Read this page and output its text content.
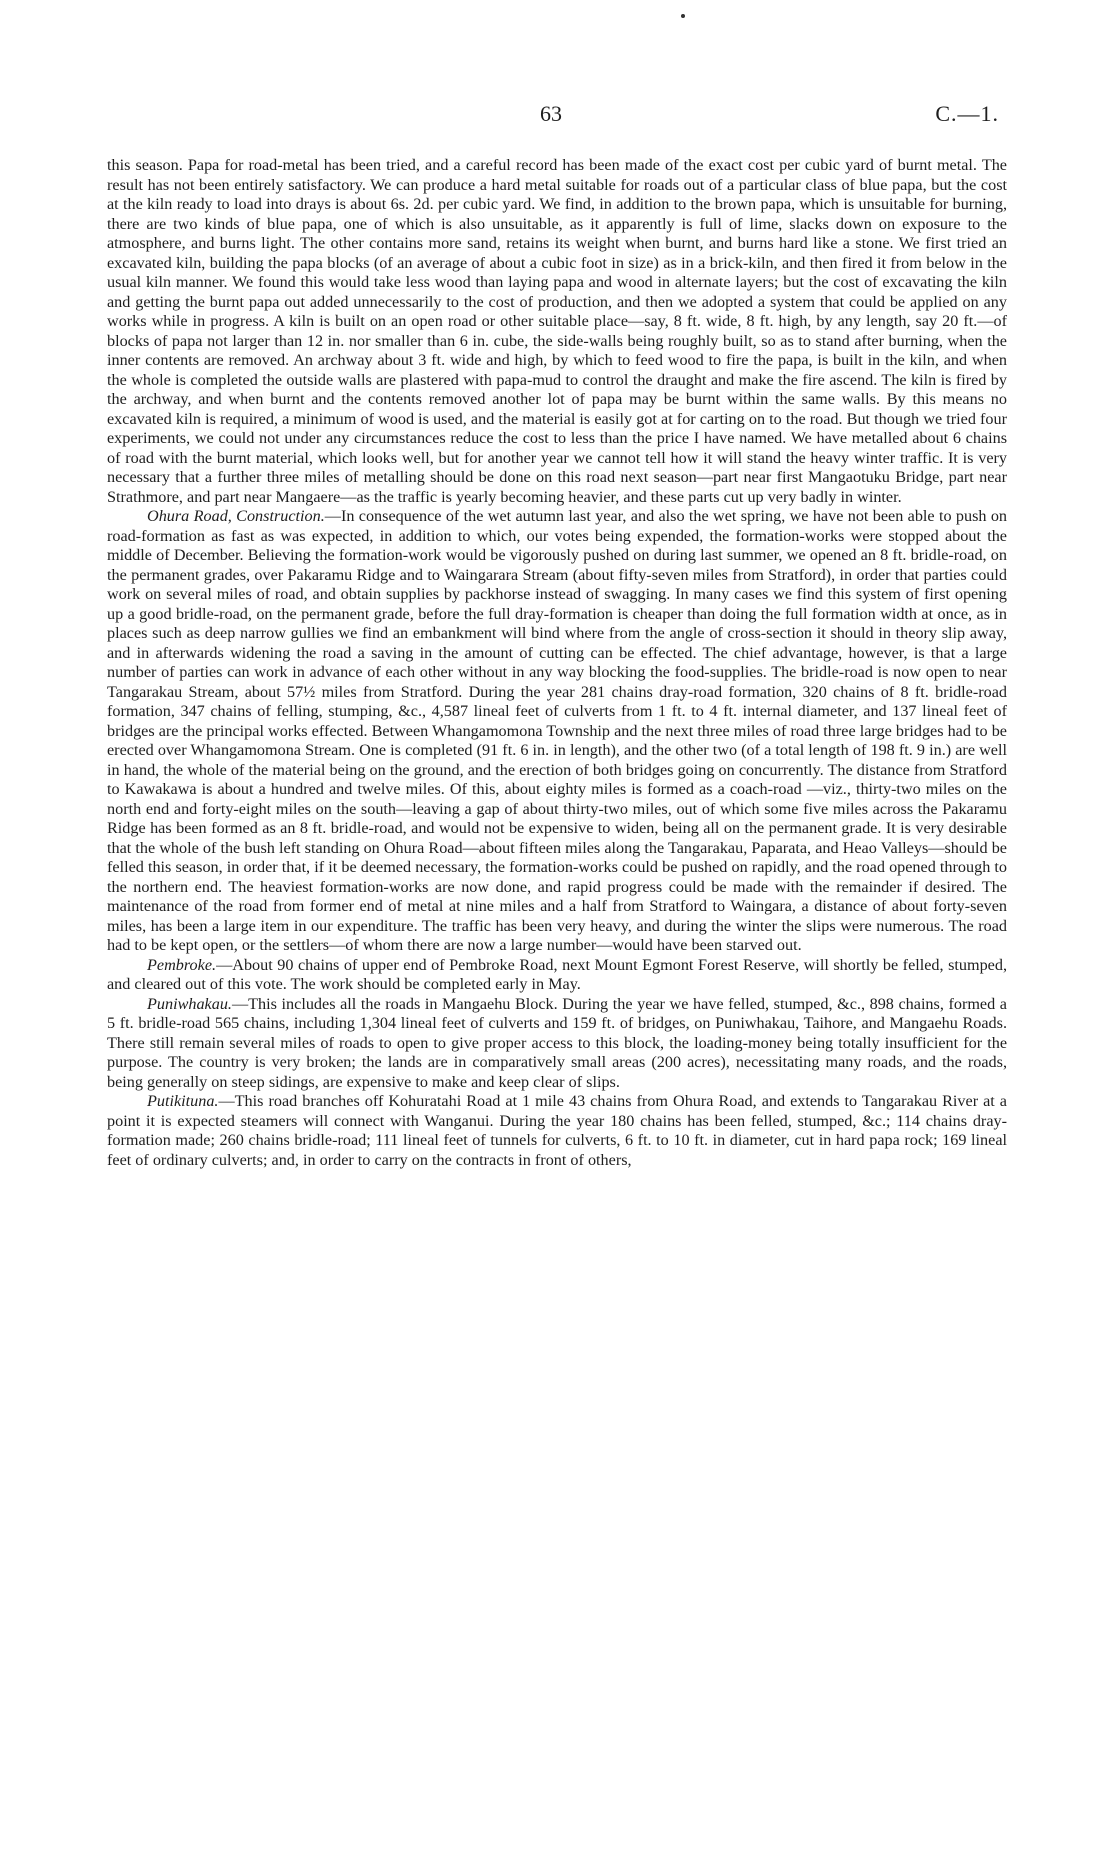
63	C.—1.

this season. Papa for road-metal has been tried, and a careful record has been made of the exact cost per cubic yard of burnt metal. The result has not been entirely satisfactory. We can produce a hard metal suitable for roads out of a particular class of blue papa, but the cost at the kiln ready to load into drays is about 6s. 2d. per cubic yard. We find, in addition to the brown papa, which is unsuitable for burning, there are two kinds of blue papa, one of which is also unsuitable, as it apparently is full of lime, slacks down on exposure to the atmosphere, and burns light. The other contains more sand, retains its weight when burnt, and burns hard like a stone. We first tried an excavated kiln, building the papa blocks (of an average of about a cubic foot in size) as in a brick-kiln, and then fired it from below in the usual kiln manner. We found this would take less wood than laying papa and wood in alternate layers; but the cost of excavating the kiln and getting the burnt papa out added unnecessarily to the cost of production, and then we adopted a system that could be applied on any works while in progress. A kiln is built on an open road or other suitable place—say, 8 ft. wide, 8 ft. high, by any length, say 20 ft.—of blocks of papa not larger than 12 in. nor smaller than 6 in. cube, the side-walls being roughly built, so as to stand after burning, when the inner contents are removed. An archway about 3 ft. wide and high, by which to feed wood to fire the papa, is built in the kiln, and when the whole is completed the outside walls are plastered with papa-mud to control the draught and make the fire ascend. The kiln is fired by the archway, and when burnt and the contents removed another lot of papa may be burnt within the same walls. By this means no excavated kiln is required, a minimum of wood is used, and the material is easily got at for carting on to the road. But though we tried four experiments, we could not under any circumstances reduce the cost to less than the price I have named. We have metalled about 6 chains of road with the burnt material, which looks well, but for another year we cannot tell how it will stand the heavy winter traffic. It is very necessary that a further three miles of metalling should be done on this road next season—part near first Mangaotuku Bridge, part near Strathmore, and part near Mangaere—as the traffic is yearly becoming heavier, and these parts cut up very badly in winter.

Ohura Road, Construction.—In consequence of the wet autumn last year, and also the wet spring, we have not been able to push on road-formation as fast as was expected, in addition to which, our votes being expended, the formation-works were stopped about the middle of December. Believing the formation-work would be vigorously pushed on during last summer, we opened an 8 ft. bridle-road, on the permanent grades, over Pakaramu Ridge and to Waingarara Stream (about fifty-seven miles from Stratford), in order that parties could work on several miles of road, and obtain supplies by packhorse instead of swagging. In many cases we find this system of first opening up a good bridle-road, on the permanent grade, before the full dray-formation is cheaper than doing the full formation width at once, as in places such as deep narrow gullies we find an embankment will bind where from the angle of cross-section it should in theory slip away, and in afterwards widening the road a saving in the amount of cutting can be effected. The chief advantage, however, is that a large number of parties can work in advance of each other without in any way blocking the food-supplies. The bridle-road is now open to near Tangarakau Stream, about 57½ miles from Stratford. During the year 281 chains dray-road formation, 320 chains of 8 ft. bridle-road formation, 347 chains of felling, stumping, &c., 4,587 lineal feet of culverts from 1 ft. to 4 ft. internal diameter, and 137 lineal feet of bridges are the principal works effected. Between Whangamomona Township and the next three miles of road three large bridges had to be erected over Whangamomona Stream. One is completed (91 ft. 6 in. in length), and the other two (of a total length of 198 ft. 9 in.) are well in hand, the whole of the material being on the ground, and the erection of both bridges going on concurrently. The distance from Stratford to Kawakawa is about a hundred and twelve miles. Of this, about eighty miles is formed as a coach-road —viz., thirty-two miles on the north end and forty-eight miles on the south—leaving a gap of about thirty-two miles, out of which some five miles across the Pakaramu Ridge has been formed as an 8 ft. bridle-road, and would not be expensive to widen, being all on the permanent grade. It is very desirable that the whole of the bush left standing on Ohura Road—about fifteen miles along the Tangarakau, Paparata, and Heao Valleys—should be felled this season, in order that, if it be deemed necessary, the formation-works could be pushed on rapidly, and the road opened through to the northern end. The heaviest formation-works are now done, and rapid progress could be made with the remainder if desired. The maintenance of the road from former end of metal at nine miles and a half from Stratford to Waingara, a distance of about forty-seven miles, has been a large item in our expenditure. The traffic has been very heavy, and during the winter the slips were numerous. The road had to be kept open, or the settlers—of whom there are now a large number—would have been starved out.

Pembroke.—About 90 chains of upper end of Pembroke Road, next Mount Egmont Forest Reserve, will shortly be felled, stumped, and cleared out of this vote. The work should be completed early in May.

Puniwhakau.—This includes all the roads in Mangaehu Block. During the year we have felled, stumped, &c., 898 chains, formed a 5 ft. bridle-road 565 chains, including 1,304 lineal feet of culverts and 159 ft. of bridges, on Puniwhakau, Taihore, and Mangaehu Roads. There still remain several miles of roads to open to give proper access to this block, the loading-money being totally insufficient for the purpose. The country is very broken; the lands are in comparatively small areas (200 acres), necessitating many roads, and the roads, being generally on steep sidings, are expensive to make and keep clear of slips.

Putikituna.—This road branches off Kohuratahi Road at 1 mile 43 chains from Ohura Road, and extends to Tangarakau River at a point it is expected steamers will connect with Wanganui. During the year 180 chains has been felled, stumped, &c.; 114 chains dray-formation made; 260 chains bridle-road; 111 lineal feet of tunnels for culverts, 6 ft. to 10 ft. in diameter, cut in hard papa rock; 169 lineal feet of ordinary culverts; and, in order to carry on the contracts in front of others,
